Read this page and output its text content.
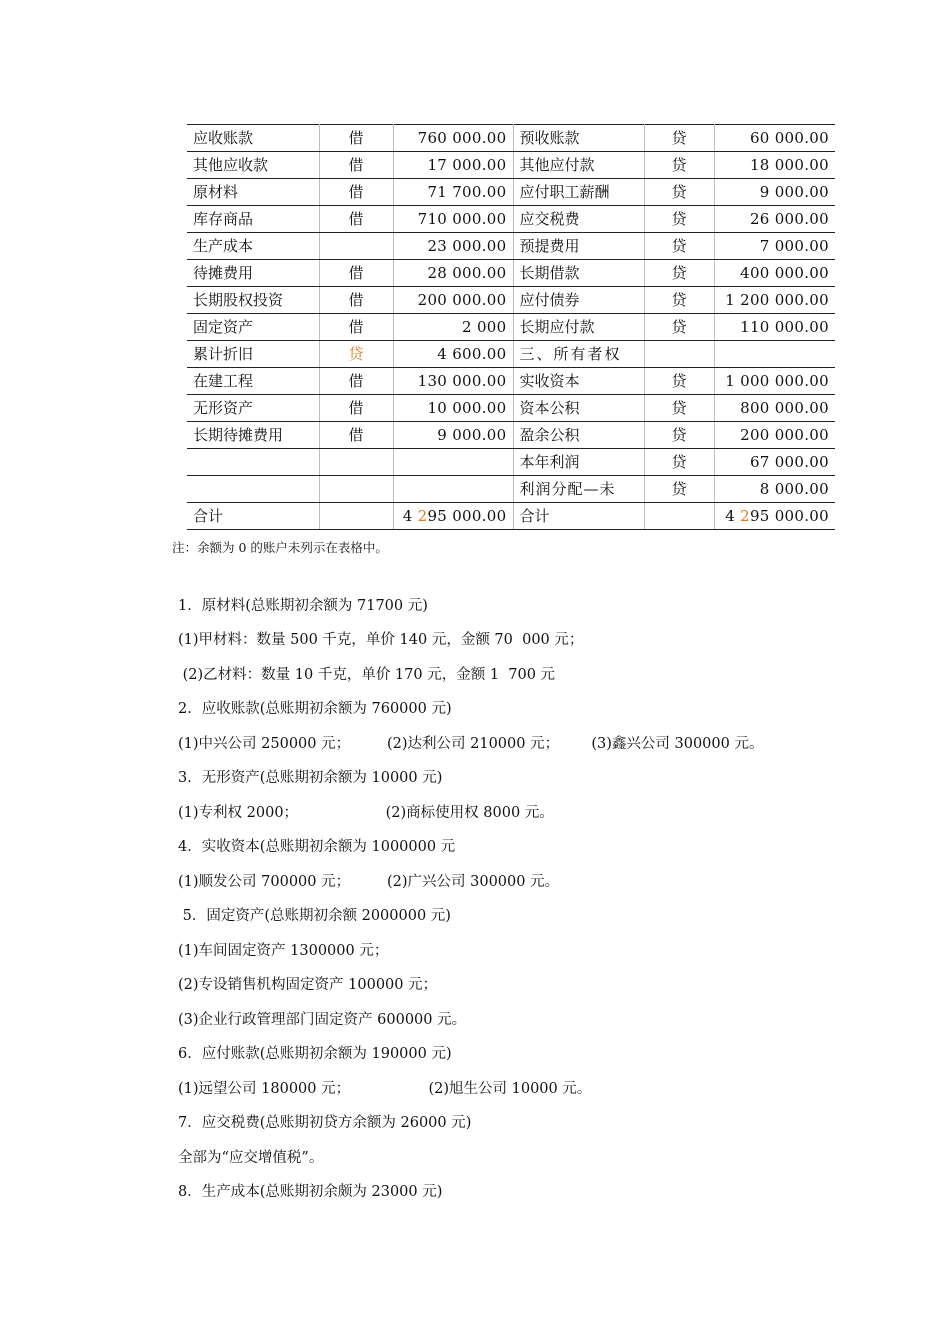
应收账款	借	760 000.00	预收账款	贷	60 000.00
其他应收款	借	17 000.00	其他应付款	贷	18 000.00
原材料	借	71 700.00	应付职工薪酬	贷	9 000.00
库存商品	借	710 000.00	应交税费	贷	26 000.00
生产成本		23 000.00	预提费用	贷	7 000.00
待摊费用	借	28 000.00	长期借款	贷	400 000.00
长期股权投资	借	200 000.00	应付债券	贷	1 200 000.00
固定资产	借	2 000	长期应付款	贷	110 000.00
累计折旧	贷	4 600.00	三、所有者权		
在建工程	借	130 000.00	实收资本	贷	1 000 000.00
无形资产	借	10 000.00	资本公积	贷	800 000.00
长期待摊费用	借	9 000.00	盈余公积	贷	200 000.00
			本年利润	贷	67 000.00
			利润分配—未	贷	8 000.00
合计		4 295 000.00	合计		4 295 000.00
注：余额为 0 的账户未列示在表格中。
1．原材料(总账期初余额为 71700 元)
(1)甲材料：数量 500 千克，单价 140 元，金额 70  000 元；
(2)乙材料：数量 10 千克，单价 170 元，金额 1  700 元
2．应收账款(总账期初余额为 760000 元)
(1)中兴公司 250000 元；        (2)达利公司 210000 元；       (3)鑫兴公司 300000 元。
3．无形资产(总账期初余额为 10000 元)
(1)专利权 2000；                   (2)商标使用权 8000 元。
4．实收资本(总账期初余额为 1000000 元
(1)顺发公司 700000 元；        (2)广兴公司 300000 元。
5．固定资产(总账期初余额 2000000 元)
(1)车间固定资产 1300000 元；
(2)专设销售机构固定资产 100000 元；
(3)企业行政管理部门固定资产 600000 元。
6．应付账款(总账期初余额为 190000 元)
(1)远望公司 180000 元；                 (2)旭生公司 10000 元。
7．应交税费(总账期初贷方余额为 26000 元)
全部为“应交增值税”。
8．生产成本(总账期初余颇为 23000 元)
